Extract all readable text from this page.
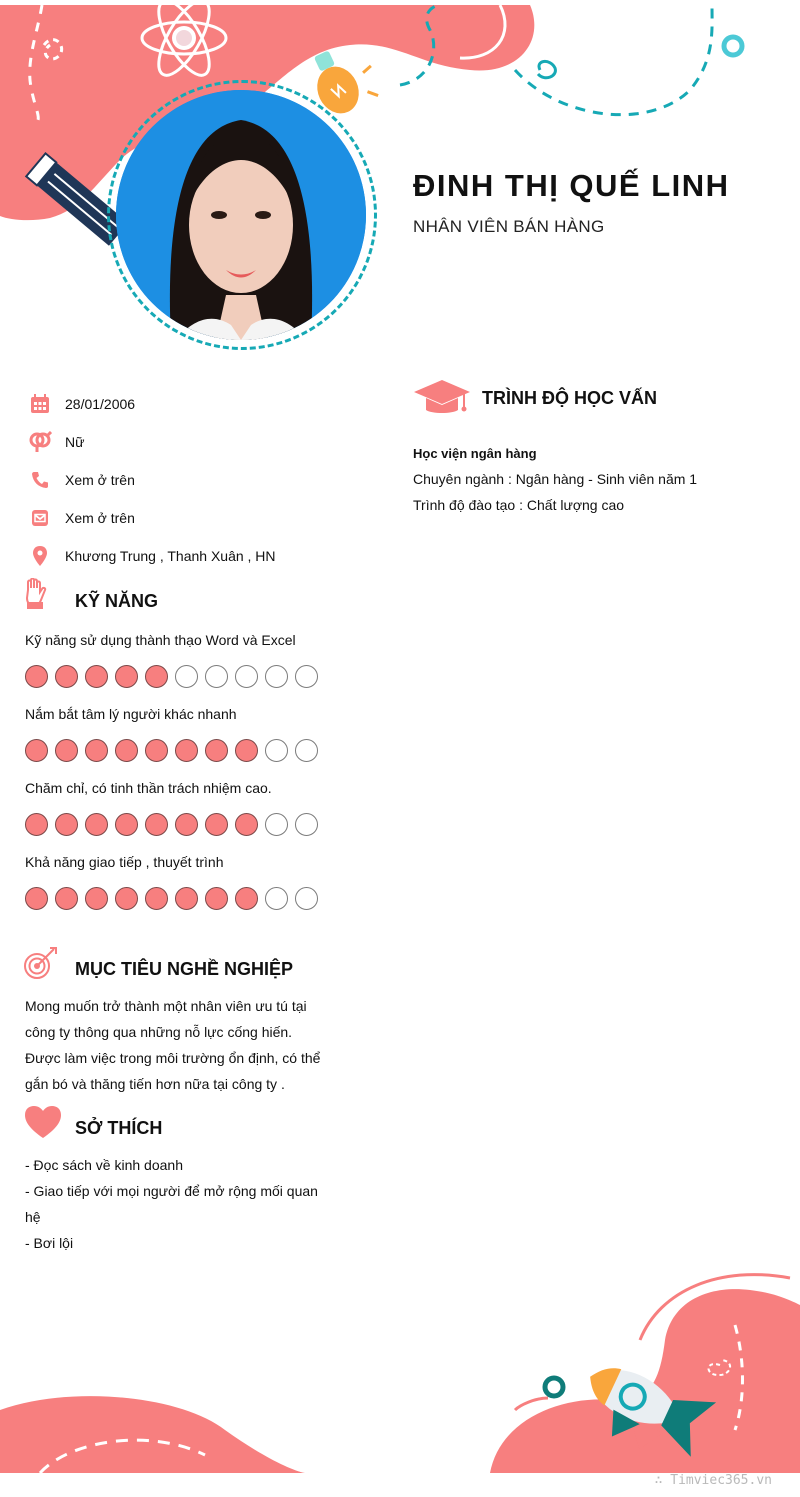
ĐINH THỊ QUẾ LINH
NHÂN VIÊN BÁN HÀNG
28/01/2006
Nữ
Xem ở trên
Xem ở trên
Khương Trung , Thanh Xuân , HN
KỸ NĂNG
Kỹ năng sử dụng thành thạo Word và Excel
Nắm bắt tâm lý người khác nhanh
Chăm chỉ, có tinh thần trách nhiệm cao.
Khả năng giao tiếp , thuyết trình
MỤC TIÊU NGHỀ NGHIỆP
Mong muốn trở thành một nhân viên ưu tú tại
công ty thông qua những nỗ lực cống hiến.
Được làm việc trong môi trường ổn định, có thể
gắn bó và thăng tiến hơn nữa tại công ty .
SỞ THÍCH
- Đọc sách về kinh doanh
- Giao tiếp với mọi người để mở rộng mối quan
hệ
- Bơi lội
TRÌNH ĐỘ HỌC VẤN
Học viện ngân hàng
Chuyên ngành : Ngân hàng - Sinh viên năm 1
Trình độ đào tạo : Chất lượng cao
∴ Timviec365.vn
